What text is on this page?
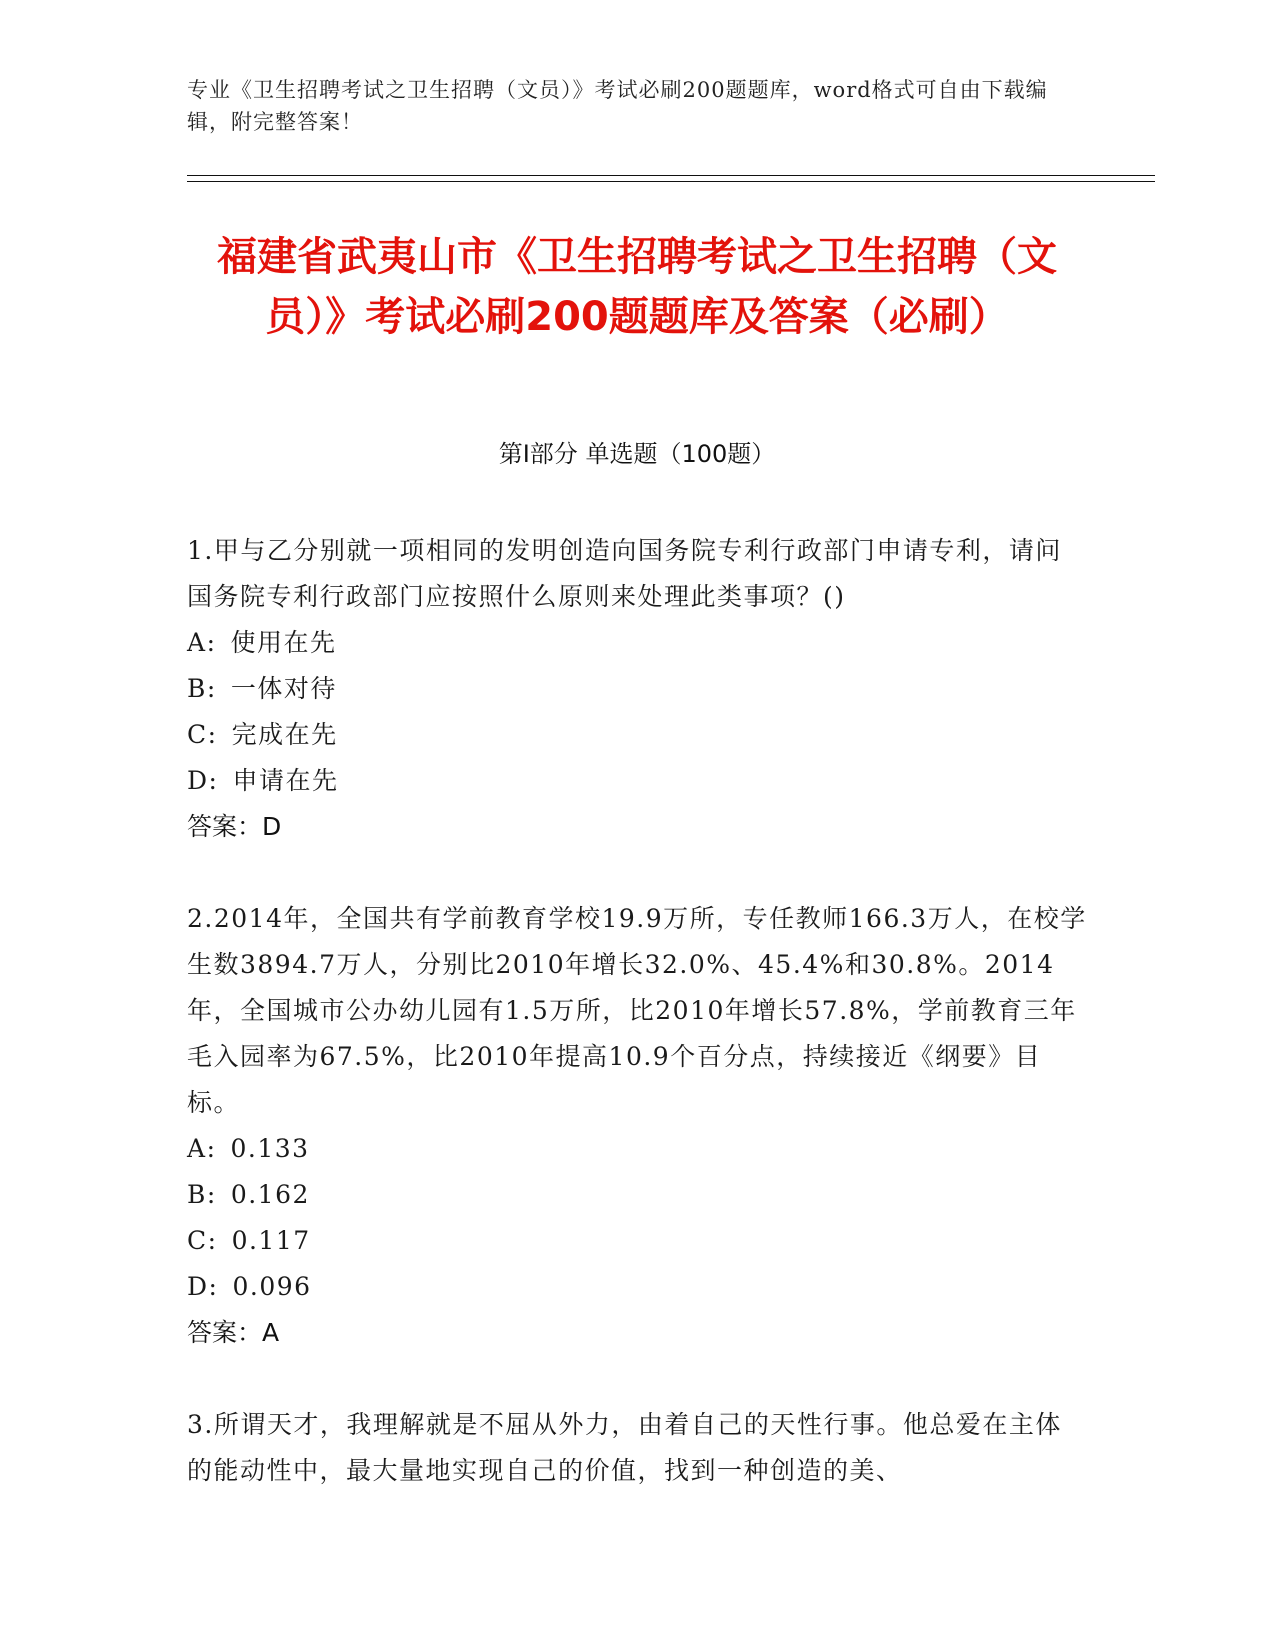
专业《卫生招聘考试之卫生招聘（文员）》考试必刷200题题库，word格式可自由下载编辑，附完整答案！
福建省武夷山市《卫生招聘考试之卫生招聘（文员）》考试必刷200题题库及答案（必刷）
第I部分 单选题（100题）

1.甲与乙分别就一项相同的发明创造向国务院专利行政部门申请专利，请问国务院专利行政部门应按照什么原则来处理此类事项？()

A: 使用在先

B: 一体对待

C: 完成在先

D: 申请在先

答案：D

2.2014年，全国共有学前教育学校19.9万所，专任教师166.3万人，在校学生数3894.7万人，分别比2010年增长32.0%、45.4%和30.8%。2014年，全国城市公办幼儿园有1.5万所，比2010年增长57.8%，学前教育三年毛入园率为67.5%，比2010年提高10.9个百分点，持续接近《纲要》目标。

A: 0.133

B: 0.162

C: 0.117

D: 0.096

答案：A

3.所谓天才，我理解就是不屈从外力，由着自己的天性行事。他总爱在主体的能动性中，最大量地实现自己的价值，找到一种创造的美、
